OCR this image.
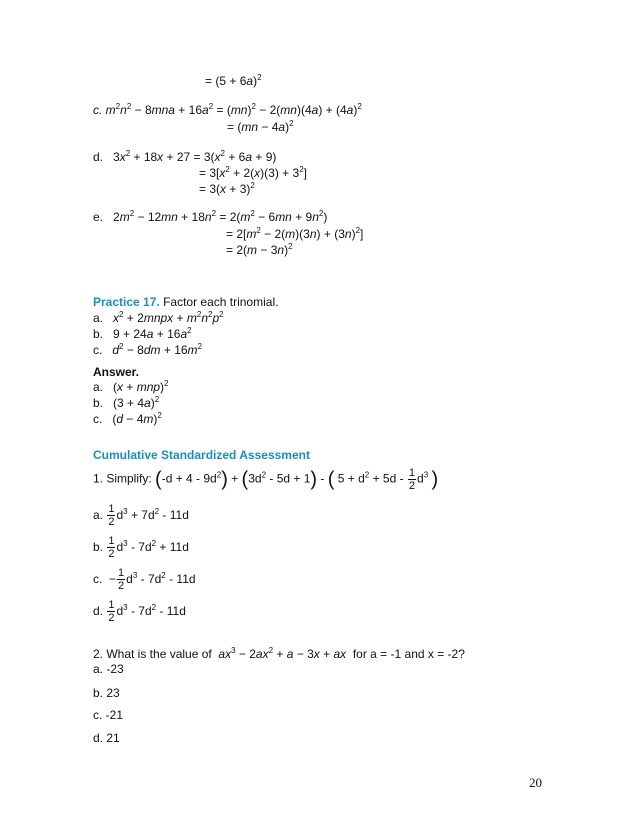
= $(5 + 6a)^2$
c. $m^2n^2 - 8mna + 16a^2 = (mn)^2 - 2(mn)(4a) + (4a)^2$
= (mn − 4a)$^2$
d.   $3x^2 + 18x + 27 = 3(x^2 + 6a + 9)$
= $3[x^2 + 2(x)(3) + 3^2]$
= $3(x + 3)^2$
e.   $2m^2 - 12mn + 18n^2 = 2(m^2 - 6mn + 9n^2)$
= $2[m^2 - 2(m)(3n) + (3n)^2]$
= $2(m - 3n)^2$
Practice 17. Factor each trinomial.
a.   $x^2$ + 2mnpx + $m^2n^2p^2$
b.   $9 + 24a + 16a^2$
c.   $d^2 - 8dm + 16m^2$
Answer.
a.   (x + mnp)$^2$
b.   $(3 + 4a)^2$
c.   $(d - 4m)^2$
Cumulative Standardized Assessment
1. Simplify: $(-d + 4 - 9d^2) + (3d^2 - 5d + 1)$ - ( $5 + d^2 + 5d - \frac{1}{2} d^3$ )
a. $\frac{1}{2} d^3 + 7d^2 - 11d$
b. $\frac{1}{2} d^3 - 7d^2 + 11d$
c.  − $\frac{1}{2} d^3 - 7d^2 - 11d$
d. $\frac{1}{2} d^3 - 7d^2 - 11d$
2. What is the value of $ax^3 - 2ax^2 + a - 3x$ + ax for a = -1 and x = -2?
a. -23
b. 23
c. -21
d. 21
20
